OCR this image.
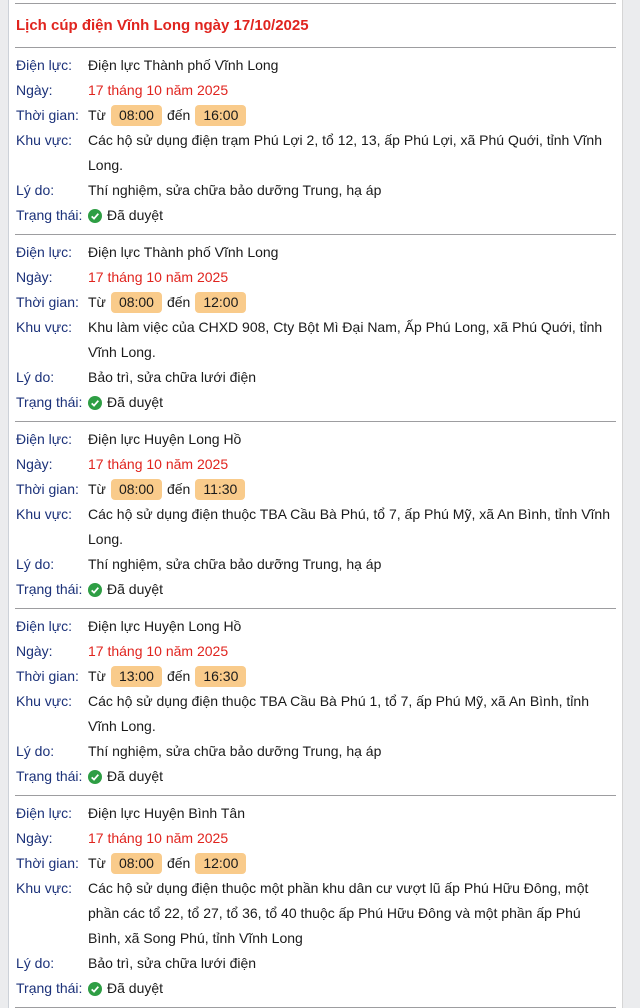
Lịch cúp điện Vĩnh Long ngày 17/10/2025
Điện lực:	Điện lực Thành phố Vĩnh Long
Ngày:	17 tháng 10 năm 2025
Thời gian: Từ 08:00 đến 16:00
Khu vực:	Các hộ sử dụng điện trạm Phú Lợi 2, tổ 12, 13, ấp Phú Lợi, xã Phú Quới, tỉnh Vĩnh Long.
Lý do:	Thí nghiệm, sửa chữa bảo dưỡng Trung, hạ áp
Trạng thái:	Đã duyệt
Điện lực:	Điện lực Thành phố Vĩnh Long
Ngày:	17 tháng 10 năm 2025
Thời gian: Từ 08:00 đến 12:00
Khu vực:	Khu làm việc của CHXD 908, Cty Bột Mì Đại Nam, Ấp Phú Long, xã Phú Quới, tỉnh Vĩnh Long.
Lý do:	Bảo trì, sửa chữa lưới điện
Trạng thái:	Đã duyệt
Điện lực:	Điện lực Huyện Long Hồ
Ngày:	17 tháng 10 năm 2025
Thời gian: Từ 08:00 đến 11:30
Khu vực:	Các hộ sử dụng điện thuộc TBA Cầu Bà Phú, tổ 7, ấp Phú Mỹ, xã An Bình, tỉnh Vĩnh Long.
Lý do:	Thí nghiệm, sửa chữa bảo dưỡng Trung, hạ áp
Trạng thái:	Đã duyệt
Điện lực:	Điện lực Huyện Long Hồ
Ngày:	17 tháng 10 năm 2025
Thời gian: Từ 13:00 đến 16:30
Khu vực:	Các hộ sử dụng điện thuộc TBA Cầu Bà Phú 1, tổ 7, ấp Phú Mỹ, xã An Bình, tỉnh Vĩnh Long.
Lý do:	Thí nghiệm, sửa chữa bảo dưỡng Trung, hạ áp
Trạng thái:	Đã duyệt
Điện lực:	Điện lực Huyện Bình Tân
Ngày:	17 tháng 10 năm 2025
Thời gian: Từ 08:00 đến 12:00
Khu vực:	Các hộ sử dụng điện thuộc một phần khu dân cư vượt lũ ấp Phú Hữu Đông, một phần các tổ 22, tổ 27, tổ 36, tổ 40 thuộc ấp Phú Hữu Đông và một phần ấp Phú Bình, xã Song Phú, tỉnh Vĩnh Long
Lý do:	Bảo trì, sửa chữa lưới điện
Trạng thái:	Đã duyệt
